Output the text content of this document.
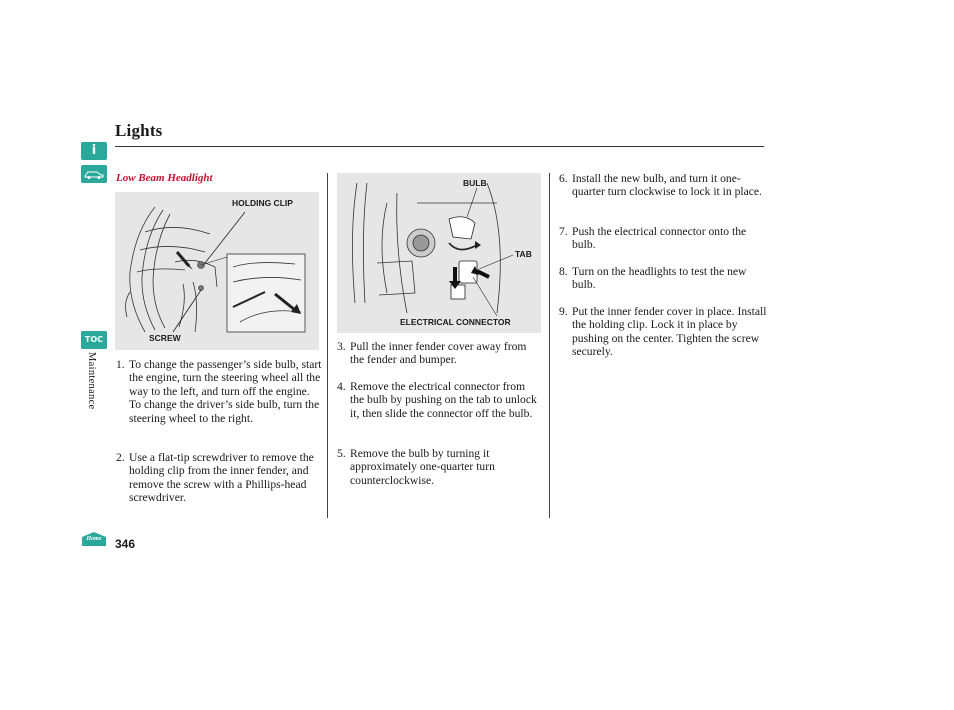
Lights
i
TOC
Maintenance
Home
Low Beam Headlight
HOLDING CLIP
SCREW
BULB
TAB
ELECTRICAL CONNECTOR
1. To change the passenger’s side bulb, start the engine, turn the steering wheel all the way to the left, and turn off the engine. To change the driver’s side bulb, turn the steering wheel to the right.
2. Use a flat-tip screwdriver to remove the holding clip from the inner fender, and remove the screw with a Phillips-head screwdriver.
3. Pull the inner fender cover away from the fender and bumper.
4. Remove the electrical connector from the bulb by pushing on the tab to unlock it, then slide the connector off the bulb.
5. Remove the bulb by turning it approximately one-quarter turn counterclockwise.
6. Install the new bulb, and turn it one-quarter turn clockwise to lock it in place.
7. Push the electrical connector onto the bulb.
8. Turn on the headlights to test the new bulb.
9. Put the inner fender cover in place. Install the holding clip. Lock it in place by pushing on the center. Tighten the screw securely.
346
